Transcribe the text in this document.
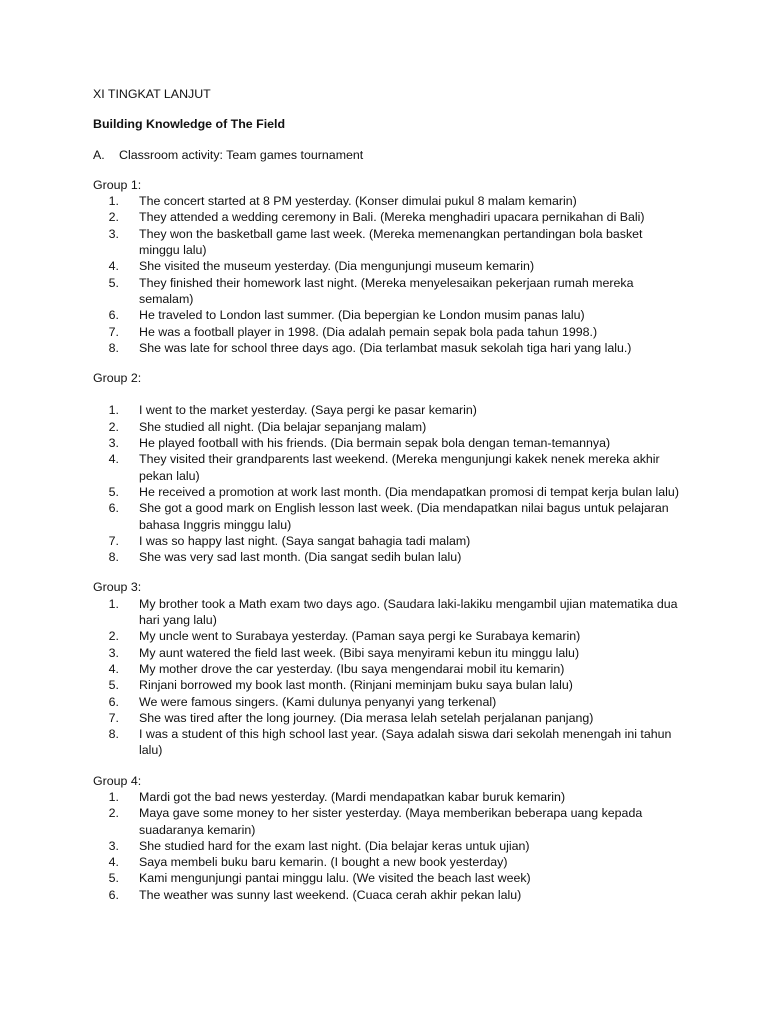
XI TINGKAT LANJUT

Building Knowledge of The Field

A.	Classroom activity: Team games tournament

Group 1:

1.	The concert started at 8 PM yesterday. (Konser dimulai pukul 8 malam kemarin)
2.	They attended a wedding ceremony in Bali. (Mereka menghadiri upacara pernikahan di Bali)
3.	They won the basketball game last week. (Mereka memenangkan pertandingan bola basket minggu lalu)
4.	She visited the museum yesterday. (Dia mengunjungi museum kemarin)
5.	They finished their homework last night. (Mereka menyelesaikan pekerjaan rumah mereka semalam)
6.	He traveled to London last summer. (Dia bepergian ke London musim panas lalu)
7.	He was a football player in 1998. (Dia adalah pemain sepak bola pada tahun 1998.)
8.	She was late for school three days ago. (Dia terlambat masuk sekolah tiga hari yang lalu.)

Group 2:

1.	I went to the market yesterday. (Saya pergi ke pasar kemarin)
2.	She studied all night. (Dia belajar sepanjang malam)
3.	He played football with his friends. (Dia bermain sepak bola dengan teman-temannya)
4.	They visited their grandparents last weekend. (Mereka mengunjungi kakek nenek mereka akhir pekan lalu)
5.	He received a promotion at work last month. (Dia mendapatkan promosi di tempat kerja bulan lalu)
6.	She got a good mark on English lesson last week. (Dia mendapatkan nilai bagus untuk pelajaran bahasa Inggris minggu lalu)
7.	I was so happy last night. (Saya sangat bahagia tadi malam)
8.	She was very sad last month. (Dia sangat sedih bulan lalu)

Group 3:

1.	My brother took a Math exam two days ago. (Saudara laki-lakiku mengambil ujian matematika dua hari yang lalu)
2.	My uncle went to Surabaya yesterday. (Paman saya pergi ke Surabaya kemarin)
3.	My aunt watered the field last week. (Bibi saya menyirami kebun itu minggu lalu)
4.	My mother drove the car yesterday. (Ibu saya mengendarai mobil itu kemarin)
5.	Rinjani borrowed my book last month. (Rinjani meminjam buku saya bulan lalu)
6.	We were famous singers. (Kami dulunya penyanyi yang terkenal)
7.	She was tired after the long journey. (Dia merasa lelah setelah perjalanan panjang)
8.	I was a student of this high school last year. (Saya adalah siswa dari sekolah menengah ini tahun lalu)

Group 4:

1.	Mardi got the bad news yesterday. (Mardi mendapatkan kabar buruk kemarin)
2.	Maya gave some money to her sister yesterday. (Maya memberikan beberapa uang kepada suadaranya kemarin)
3.	She studied hard for the exam last night. (Dia belajar keras untuk ujian)
4.	Saya membeli buku baru kemarin. (I bought a new book yesterday)
5.	Kami mengunjungi pantai minggu lalu. (We visited the beach last week)
6.	The weather was sunny last weekend. (Cuaca cerah akhir pekan lalu)
